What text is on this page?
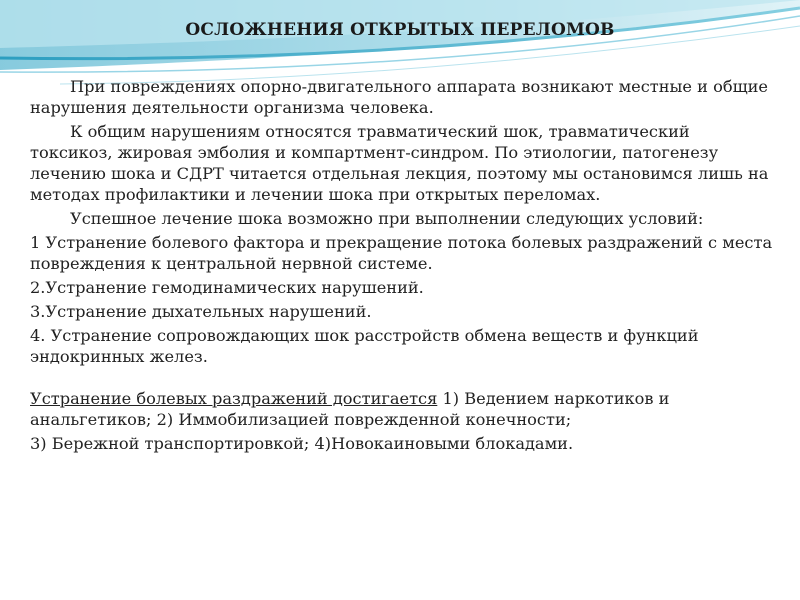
ОСЛОЖНЕНИЯ ОТКРЫТЫХ ПЕРЕЛОМОВ

При повреждениях опорно-двигательного аппарата возникают местные и общие нарушения деятельности организма человека.

К общим нарушениям относятся травматический шок, травматический токсикоз, жировая эмболия и компартмент-синдром. По этиологии, патогенезу лечению шока и СДРТ читается отдельная лекция, поэтому мы остановимся лишь на методах профилактики и лечении шока при открытых переломах.

Успешное лечение шока возможно при выполнении следующих условий:

1 Устранение болевого фактора и прекращение потока болевых раздражений с места повреждения к центральной нервной системе.

2.Устранение гемодинамических нарушений.

3.Устранение дыхательных нарушений.

4. Устранение сопровождающих шок расстройств обмена веществ и функций эндокринных желез.

Устранение болевых раздражений достигается 1) Ведением наркотиков и анальгетиков; 2) Иммобилизацией поврежденной конечности;

3) Бережной транспортировкой; 4)Новокаиновыми блокадами.
